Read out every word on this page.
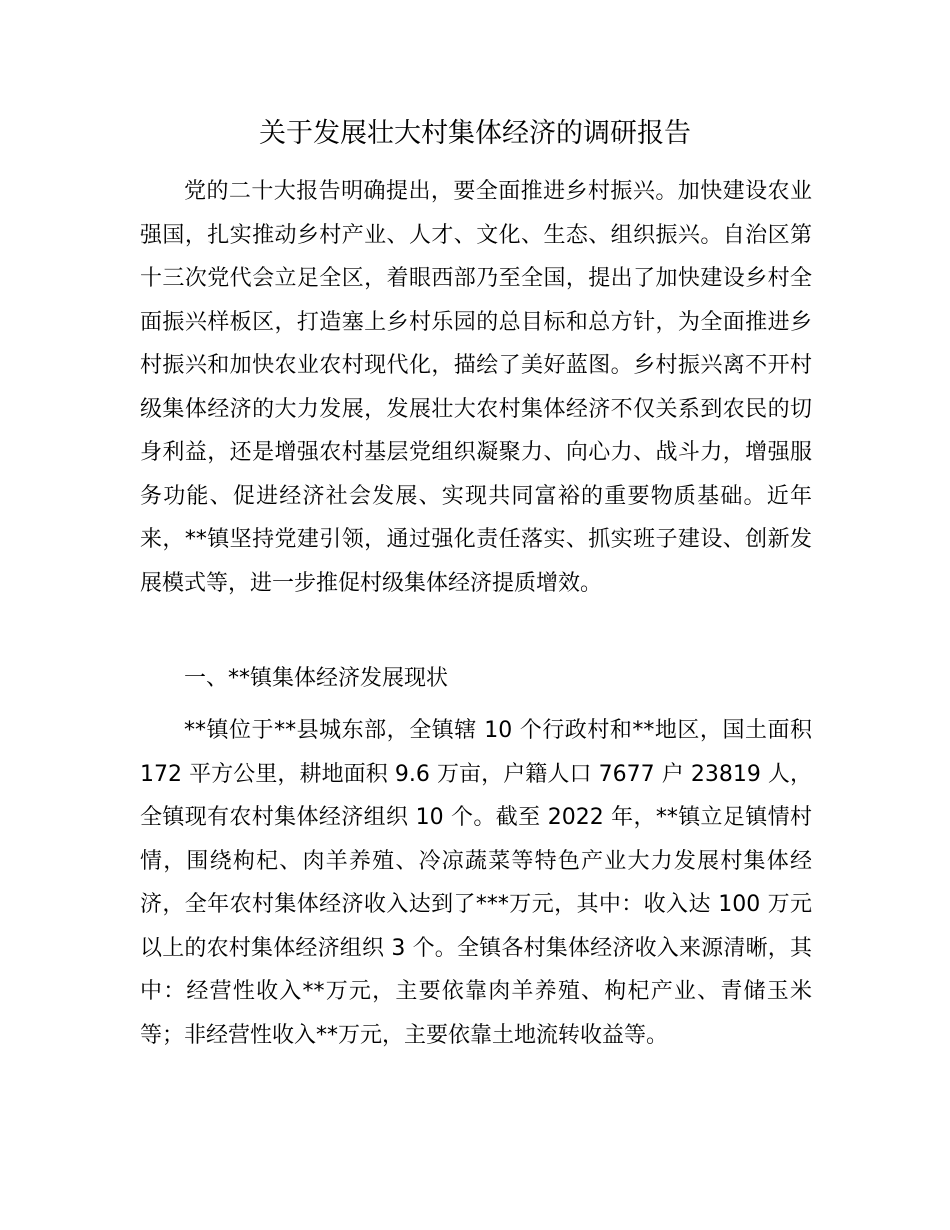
关于发展壮大村集体经济的调研报告

党的二十大报告明确提出，要全面推进乡村振兴。加快建设农业强国，扎实推动乡村产业、人才、文化、生态、组织振兴。自治区第十三次党代会立足全区，着眼西部乃至全国，提出了加快建设乡村全面振兴样板区，打造塞上乡村乐园的总目标和总方针，为全面推进乡村振兴和加快农业农村现代化，描绘了美好蓝图。乡村振兴离不开村级集体经济的大力发展，发展壮大农村集体经济不仅关系到农民的切身利益，还是增强农村基层党组织凝聚力、向心力、战斗力，增强服务功能、促进经济社会发展、实现共同富裕的重要物质基础。近年来，**镇坚持党建引领，通过强化责任落实、抓实班子建设、创新发展模式等，进一步推促村级集体经济提质增效。

一、**镇集体经济发展现状

**镇位于**县城东部，全镇辖 10 个行政村和**地区，国土面积 172 平方公里，耕地面积 9.6 万亩，户籍人口 7677 户 23819 人，全镇现有农村集体经济组织 10 个。截至 2022 年，**镇立足镇情村情，围绕枸杞、肉羊养殖、冷凉蔬菜等特色产业大力发展村集体经济，全年农村集体经济收入达到了***万元，其中：收入达 100 万元以上的农村集体经济组织 3 个。全镇各村集体经济收入来源清晰，其中：经营性收入**万元，主要依靠肉羊养殖、枸杞产业、青储玉米等；非经营性收入**万元，主要依靠土地流转收益等。
